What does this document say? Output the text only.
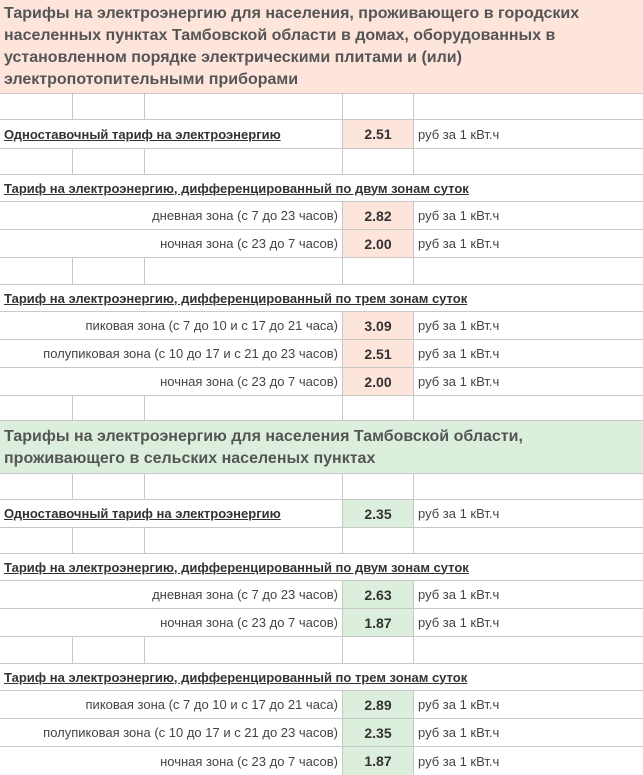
Тарифы на электроэнергию для населения, проживающего в городских населенных пунктах Тамбовской области в домах, оборудованных в установленном порядке электрическими плитами и (или) электропотопительными приборами
Одноставочный тариф на электроэнергию	2.51	руб за 1 кВт.ч
Тариф на электроэнергию, дифференцированный по двум зонам суток
дневная зона (с 7 до 23 часов)	2.82	руб за 1 кВт.ч
ночная зона (с 23 до 7 часов)	2.00	руб за 1 кВт.ч
Тариф на электроэнергию, дифференцированный по трем зонам суток
пиковая зона (с 7 до 10 и с 17 до 21 часа)	3.09	руб за 1 кВт.ч
полупиковая зона (с 10 до 17 и с 21 до 23 часов)	2.51	руб за 1 кВт.ч
ночная зона (с 23 до 7 часов)	2.00	руб за 1 кВт.ч
Тарифы на электроэнергию для населения Тамбовской области, проживающего в сельских населеных пунктах
Одноставочный тариф на электроэнергию	2.35	руб за 1 кВт.ч
Тариф на электроэнергию, дифференцированный по двум зонам суток
дневная зона (с 7 до 23 часов)	2.63	руб за 1 кВт.ч
ночная зона (с 23 до 7 часов)	1.87	руб за 1 кВт.ч
Тариф на электроэнергию, дифференцированный по трем зонам суток
пиковая зона (с 7 до 10 и с 17 до 21 часа)	2.89	руб за 1 кВт.ч
полупиковая зона (с 10 до 17 и с 21 до 23 часов)	2.35	руб за 1 кВт.ч
ночная зона (с 23 до 7 часов)	1.87	руб за 1 кВт.ч
